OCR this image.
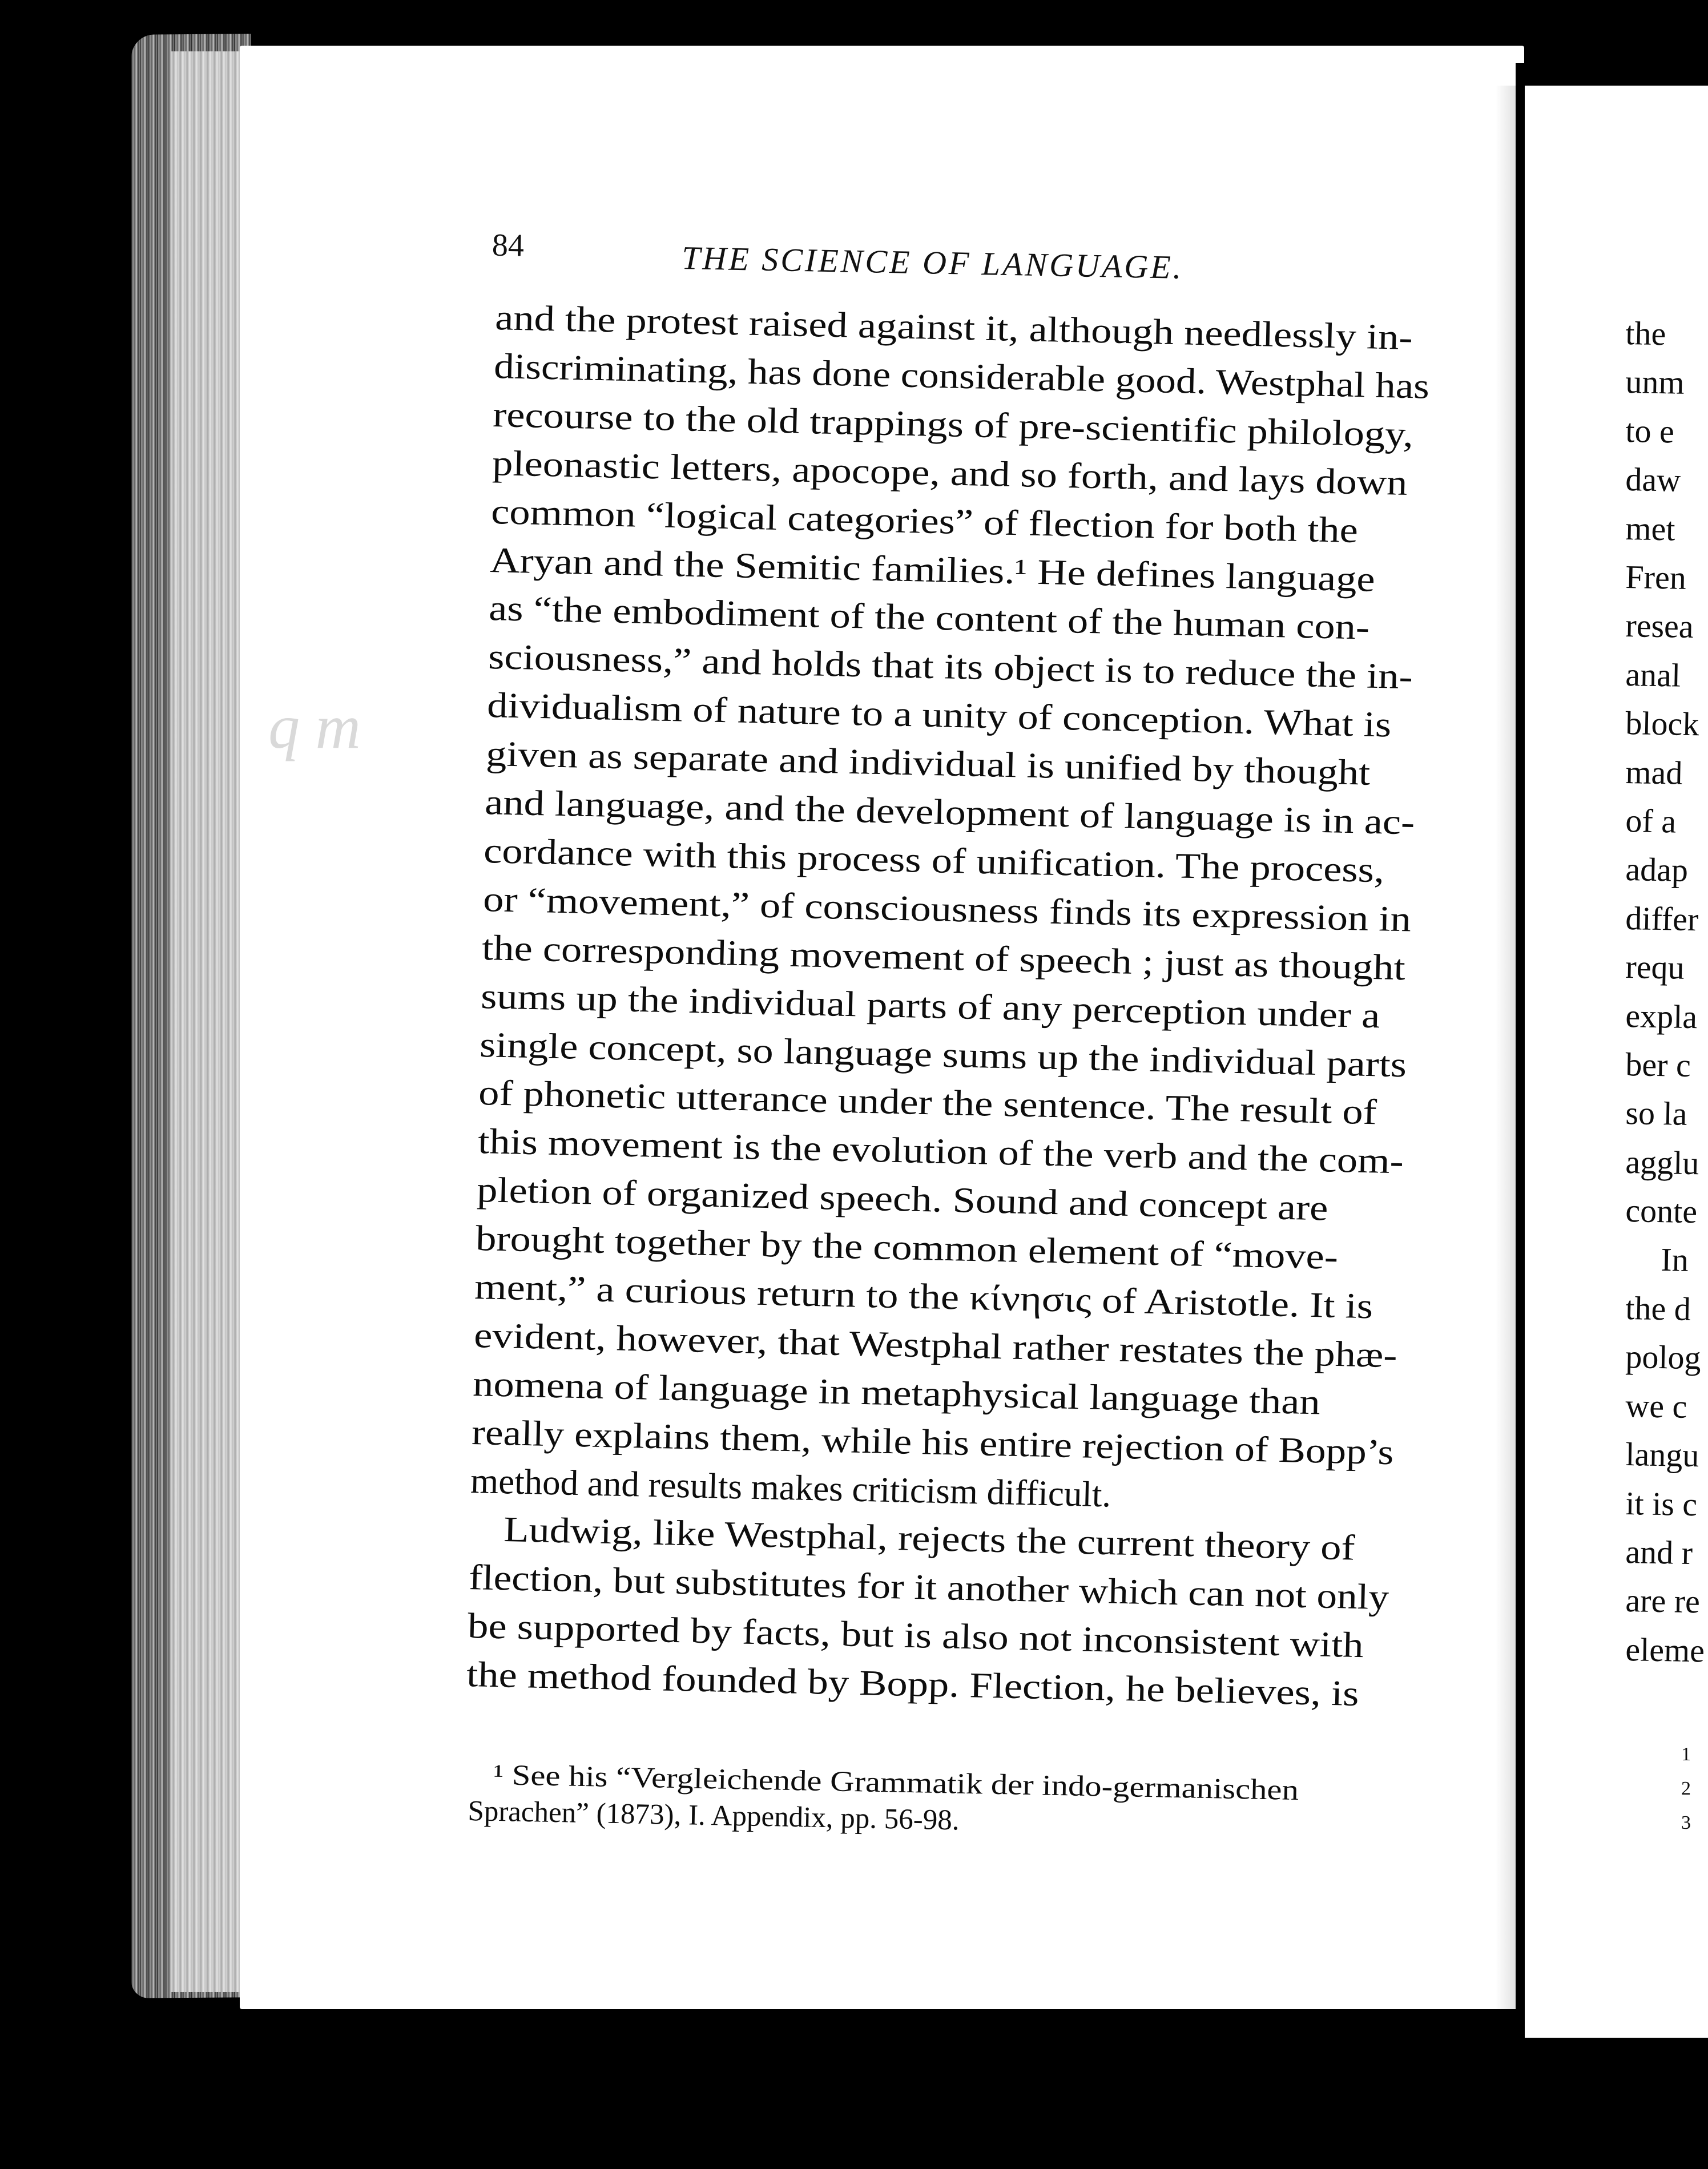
q m
84	THE SCIENCE OF LANGUAGE.
and the protest raised against it, although needlessly in-
discriminating, has done considerable good. Westphal has
recourse to the old trappings of pre-scientific philology,
pleonastic letters, apocope, and so forth, and lays down
common “logical categories” of flection for both the
Aryan and the Semitic families.¹ He defines language
as “the embodiment of the content of the human con-
sciousness,” and holds that its object is to reduce the in-
dividualism of nature to a unity of conception. What is
given as separate and individual is unified by thought
and language, and the development of language is in ac-
cordance with this process of unification. The process,
or “movement,” of consciousness finds its expression in
the corresponding movement of speech ; just as thought
sums up the individual parts of any perception under a
single concept, so language sums up the individual parts
of phonetic utterance under the sentence. The result of
this movement is the evolution of the verb and the com-
pletion of organized speech. Sound and concept are
brought together by the common element of “move-
ment,” a curious return to the κίνησις of Aristotle. It is
evident, however, that Westphal rather restates the phæ-
nomena of language in metaphysical language than
really explains them, while his entire rejection of Bopp’s
method and results makes criticism difficult.
Ludwig, like Westphal, rejects the current theory of
flection, but substitutes for it another which can not only
be supported by facts, but is also not inconsistent with
the method founded by Bopp. Flection, he believes, is
¹ See his “Vergleichende Grammatik der indo-germanischen
Sprachen” (1873), I. Appendix, pp. 56-98.
the
unm
to e
daw
met
Fren
resea
anal
block
mad
of a
adap
differ
requ
expla
ber c
so la
agglu
conte
In
the d
polog
we c
langu
it is c
and r
are re
eleme
1
2
3
